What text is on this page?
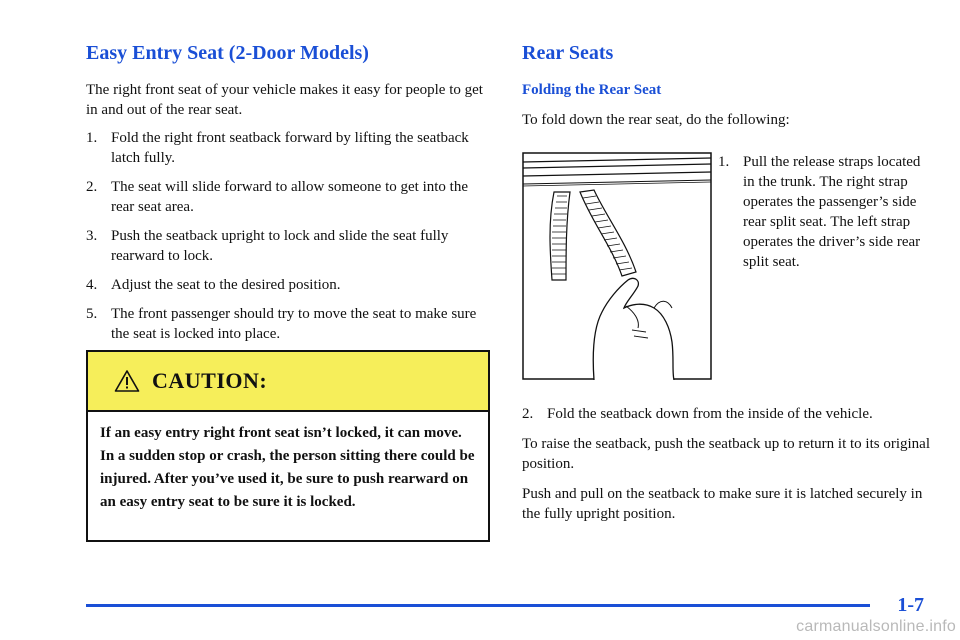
Easy Entry Seat (2-Door Models)

The right front seat of your vehicle makes it easy for people to get in and out of the rear seat.

1. Fold the right front seatback forward by lifting the seatback latch fully.
2. The seat will slide forward to allow someone to get into the rear seat area.
3. Push the seatback upright to lock and slide the seat fully rearward to lock.
4. Adjust the seat to the desired position.
5. The front passenger should try to move the seat to make sure the seat is locked into place.
CAUTION:
If an easy entry right front seat isn’t locked, it can move. In a sudden stop or crash, the person sitting there could be injured. After you’ve used it, be sure to push rearward on an easy entry seat to be sure it is locked.
Rear Seats
Folding the Rear Seat

To fold down the rear seat, do the following:

1. Pull the release straps located in the trunk. The right strap operates the passenger’s side rear split seat. The left strap operates the driver’s side rear split seat.
2. Fold the seatback down from the inside of the vehicle.

To raise the seatback, push the seatback up to return it to its original position.

Push and pull on the seatback to make sure it is latched securely in the fully upright position.

1-7
carmanualsonline.info
